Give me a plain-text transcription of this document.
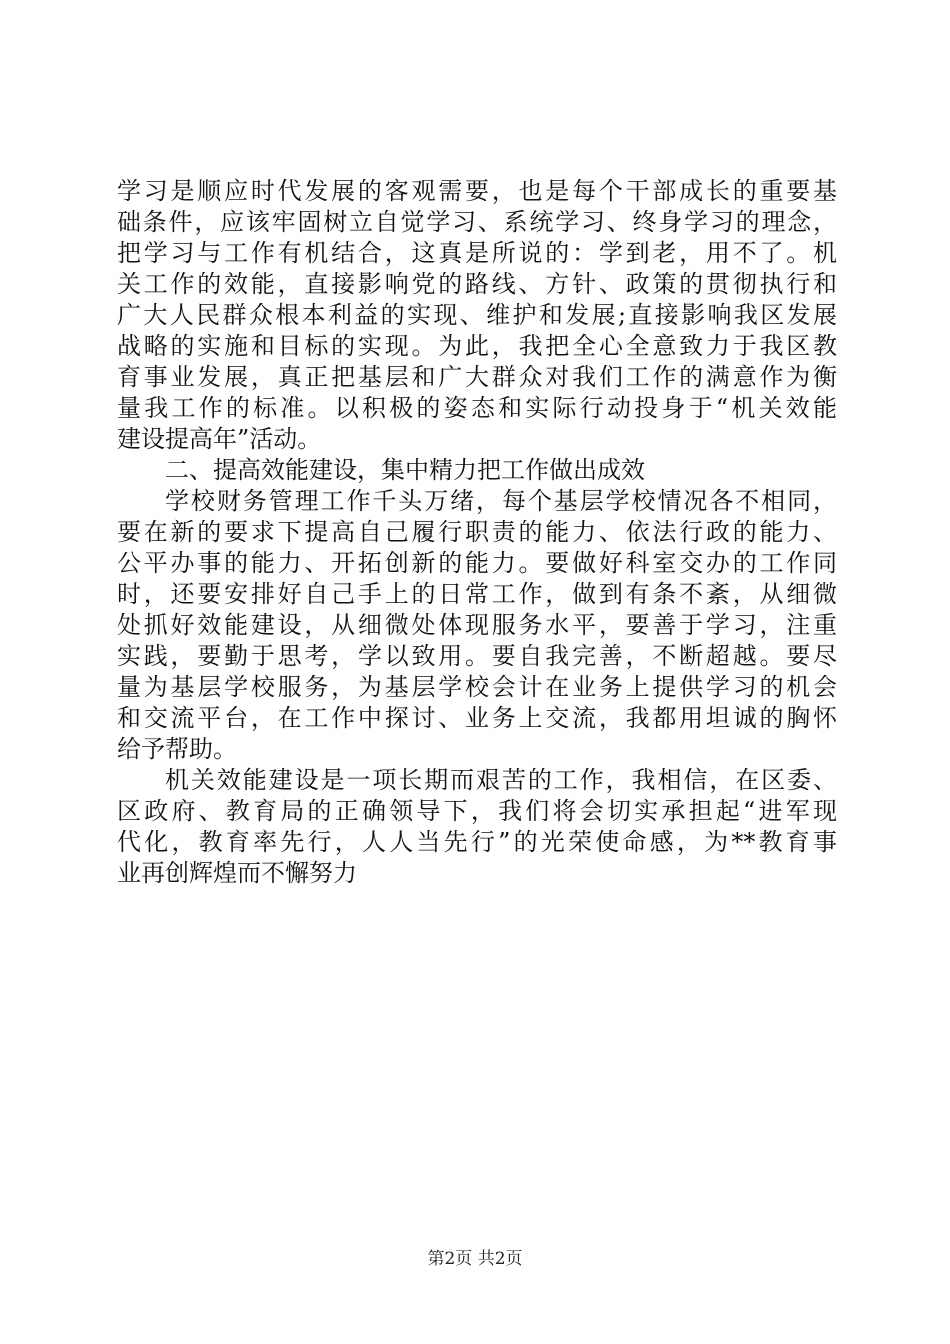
学习是顺应时代发展的客观需要，也是每个干部成长的重要基
础条件，应该牢固树立自觉学习、系统学习、终身学习的理念，
把学习与工作有机结合，这真是所说的：学到老，用不了。机
关工作的效能，直接影响党的路线、方针、政策的贯彻执行和
广大人民群众根本利益的实现、维护和发展;直接影响我区发展
战略的实施和目标的实现。为此，我把全心全意致力于我区教
育事业发展，真正把基层和广大群众对我们工作的满意作为衡
量我工作的标准。以积极的姿态和实际行动投身于“机关效能
建设提高年”活动。
二、提高效能建设，集中精力把工作做出成效
学校财务管理工作千头万绪，每个基层学校情况各不相同，
要在新的要求下提高自己履行职责的能力、依法行政的能力、
公平办事的能力、开拓创新的能力。要做好科室交办的工作同
时，还要安排好自己手上的日常工作，做到有条不紊，从细微
处抓好效能建设，从细微处体现服务水平，要善于学习，注重
实践，要勤于思考，学以致用。要自我完善，不断超越。要尽
量为基层学校服务，为基层学校会计在业务上提供学习的机会
和交流平台，在工作中探讨、业务上交流，我都用坦诚的胸怀
给予帮助。
机关效能建设是一项长期而艰苦的工作，我相信，在区委、
区政府、教育局的正确领导下，我们将会切实承担起“进军现
代化，教育率先行，人人当先行”的光荣使命感，为**教育事
业再创辉煌而不懈努力
第2页 共2页
